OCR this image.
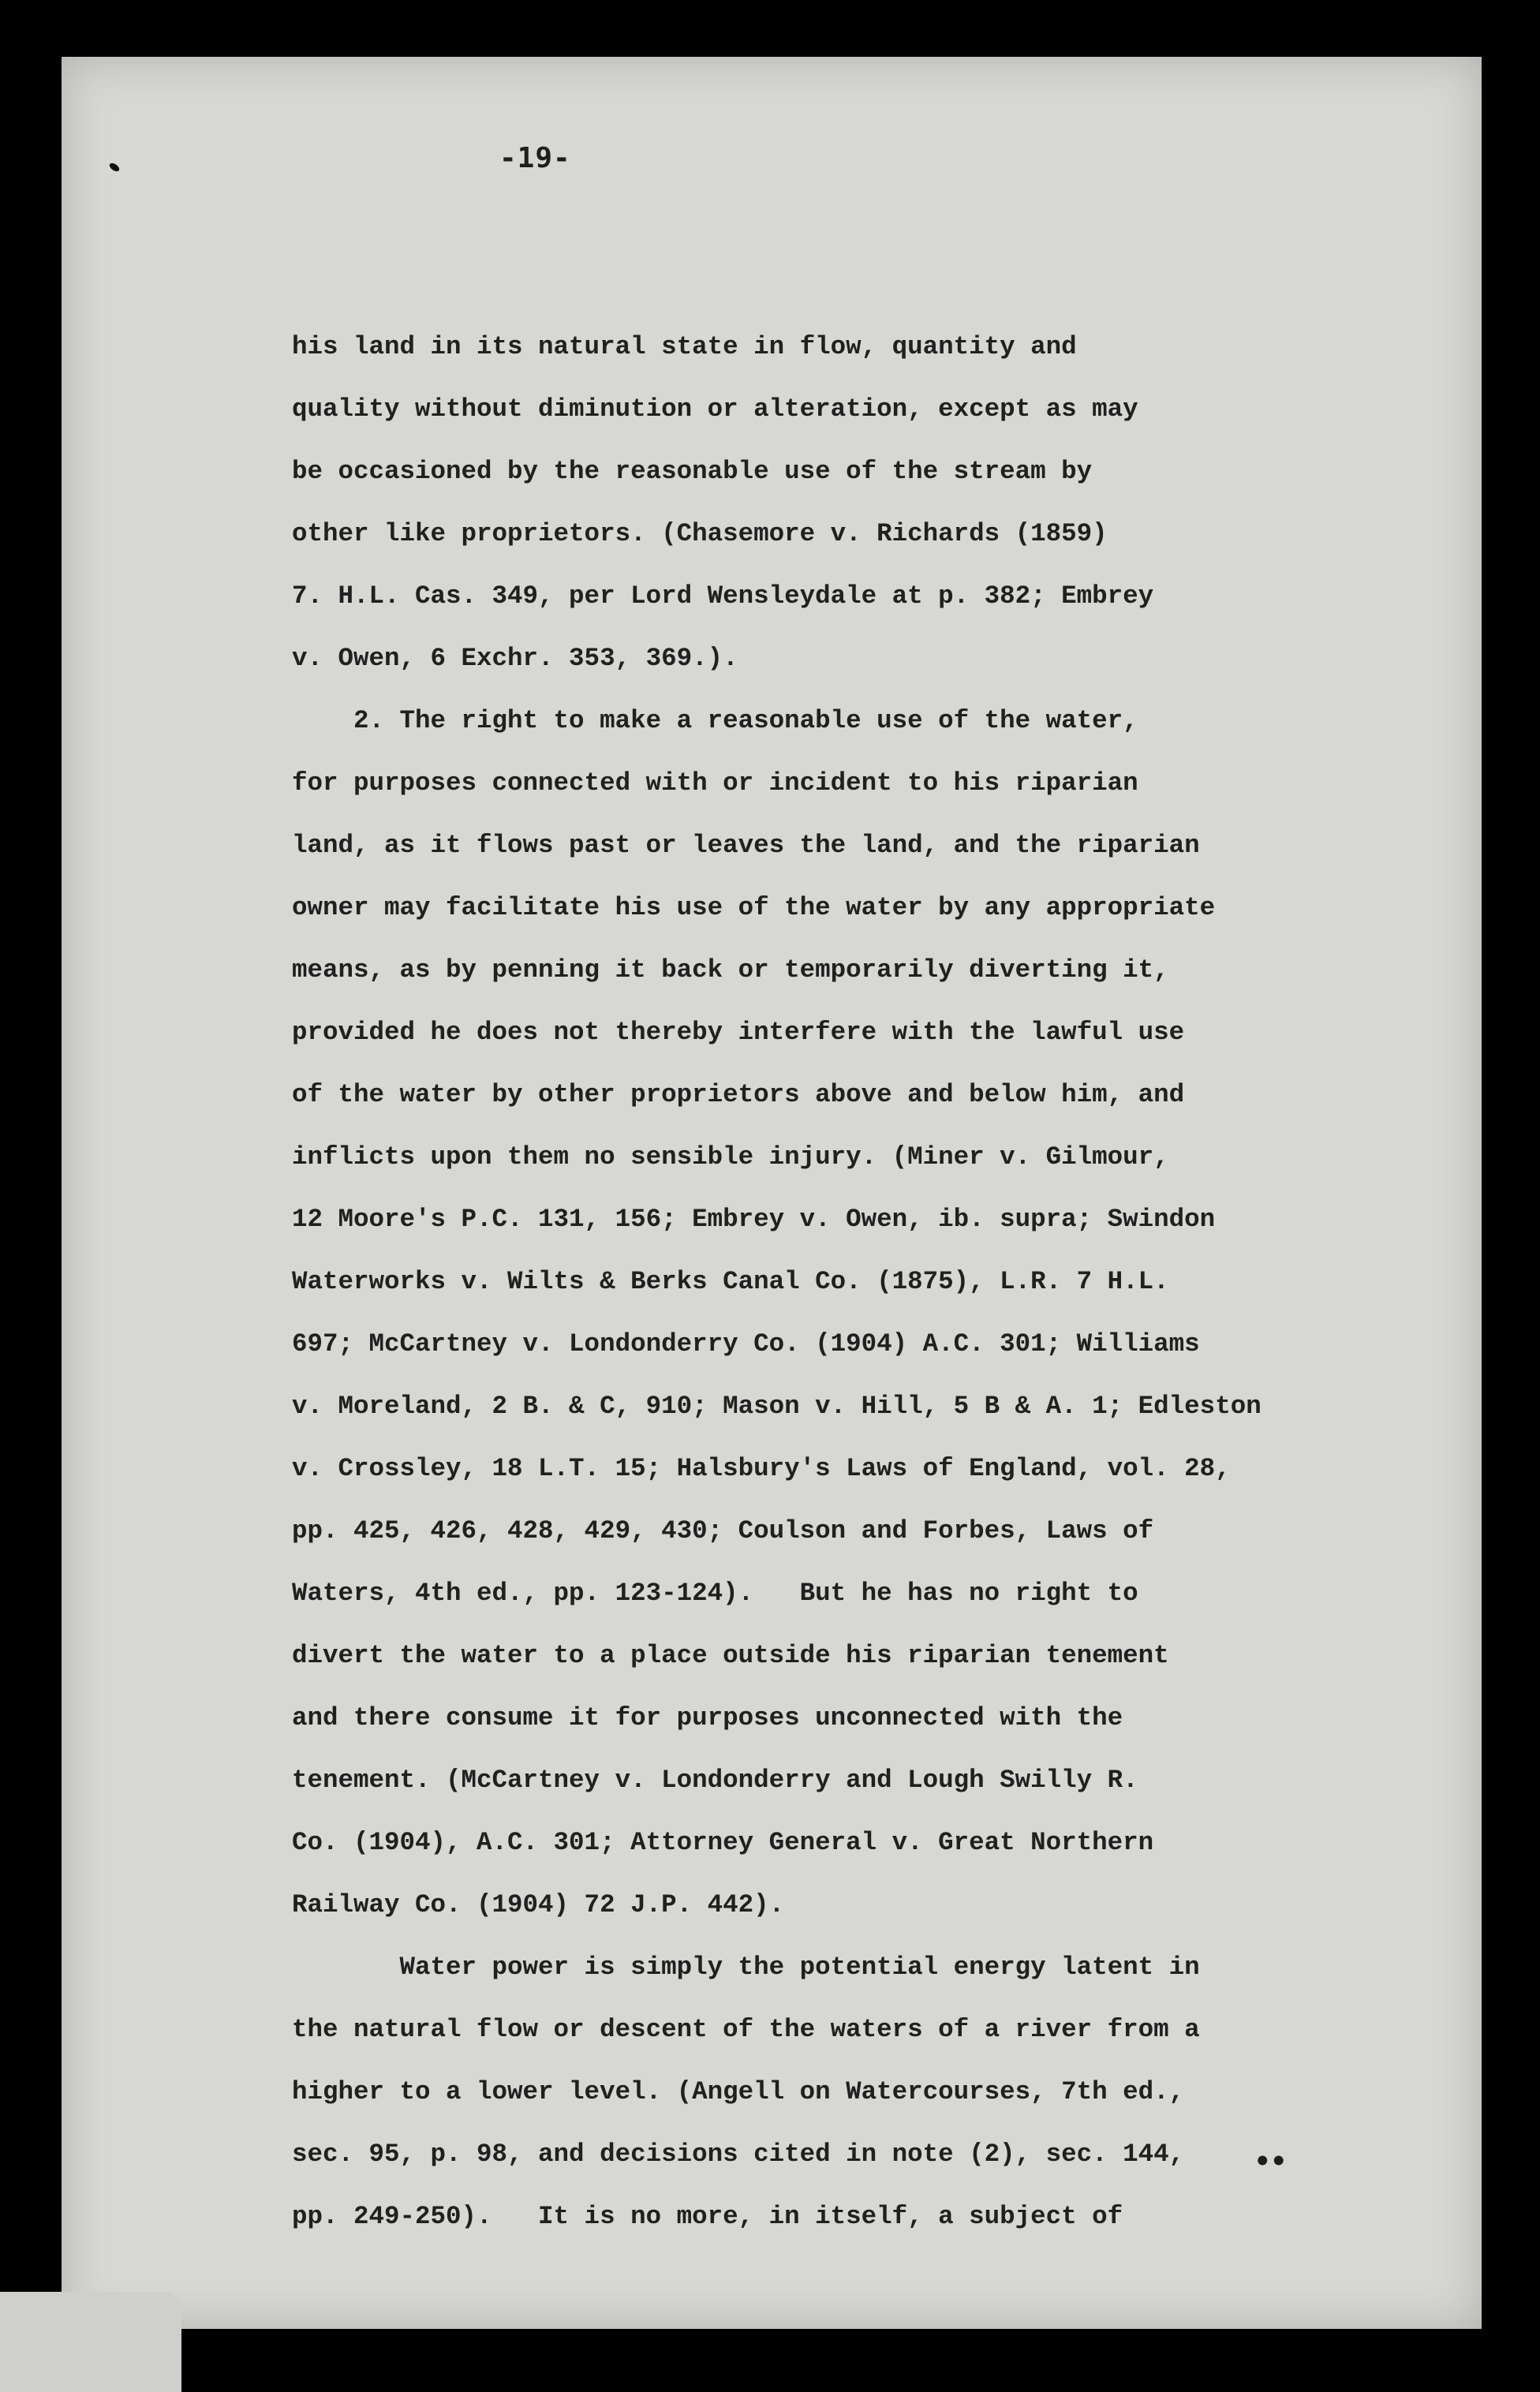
-19-
his land in its natural state in flow, quantity and
quality without diminution or alteration, except as may
be occasioned by the reasonable use of the stream by
other like proprietors. (Chasemore v. Richards (1859)
7. H.L. Cas. 349, per Lord Wensleydale at p. 382; Embrey
v. Owen, 6 Exchr. 353, 369.).
2. The right to make a reasonable use of the water,
for purposes connected with or incident to his riparian
land, as it flows past or leaves the land, and the riparian
owner may facilitate his use of the water by any appropriate
means, as by penning it back or temporarily diverting it,
provided he does not thereby interfere with the lawful use
of the water by other proprietors above and below him, and
inflicts upon them no sensible injury. (Miner v. Gilmour,
12 Moore's P.C. 131, 156; Embrey v. Owen, ib. supra; Swindon
Waterworks v. Wilts & Berks Canal Co. (1875), L.R. 7 H.L.
697; McCartney v. Londonderry Co. (1904) A.C. 301; Williams
v. Moreland, 2 B. & C, 910; Mason v. Hill, 5 B & A. 1; Edleston
v. Crossley, 18 L.T. 15; Halsbury's Laws of England, vol. 28,
pp. 425, 426, 428, 429, 430; Coulson and Forbes, Laws of
Waters, 4th ed., pp. 123-124).   But he has no right to
divert the water to a place outside his riparian tenement
and there consume it for purposes unconnected with the
tenement. (McCartney v. Londonderry and Lough Swilly R.
Co. (1904), A.C. 301; Attorney General v. Great Northern
Railway Co. (1904) 72 J.P. 442).
Water power is simply the potential energy latent in
the natural flow or descent of the waters of a river from a
higher to a lower level. (Angell on Watercourses, 7th ed.,
sec. 95, p. 98, and decisions cited in note (2), sec. 144,
pp. 249-250).   It is no more, in itself, a subject of
••
